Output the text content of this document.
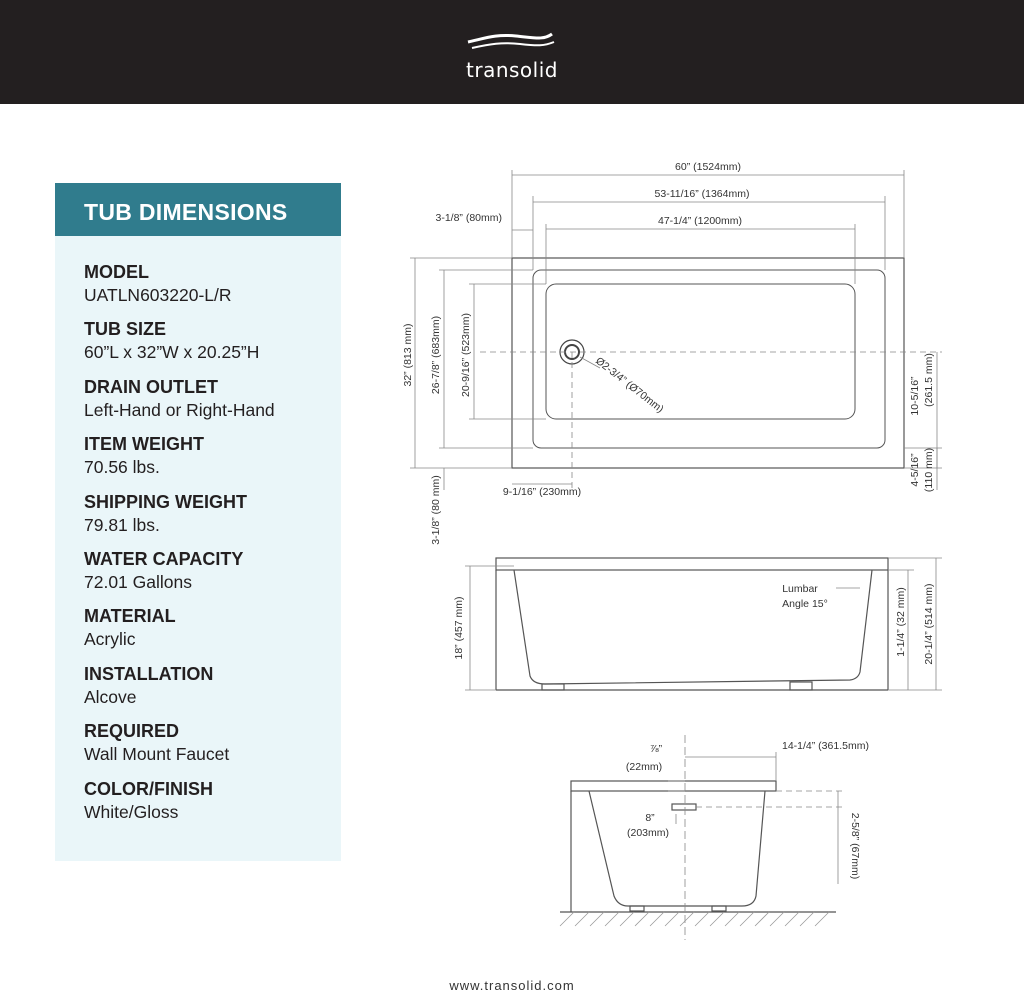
transolid
TUB DIMENSIONS
MODEL
UATLN603220-L/R
TUB SIZE
60”L x 32”W x 20.25”H
DRAIN OUTLET
Left-Hand or Right-Hand
ITEM WEIGHT
70.56 lbs.
SHIPPING WEIGHT
79.81 lbs.
WATER CAPACITY
72.01 Gallons
MATERIAL
Acrylic
INSTALLATION
Alcove
REQUIRED
Wall Mount Faucet
COLOR/FINISH
White/Gloss
60” (1524mm)
53-11/16” (1364mm)
47-1/4” (1200mm)
3-1/8” (80mm)
32” (813 mm) 26-7/8” (683mm) 20-9/16” (523mm)	Ø2-3/4” (Ø70mm)	10-5/16” (261.5 mm)
4-5/16” (110 mm)
9-1/16” (230mm)
3-1/8” (80 mm)
18” (457 mm)
Lumbar
Angle 15°	1-1/4” (32 mm) 20-1/4” (514 mm)
⅞”
(22mm)
14-1/4” (361.5mm)
8”
(203mm)	2-5/8” (67mm)
www.transolid.com
